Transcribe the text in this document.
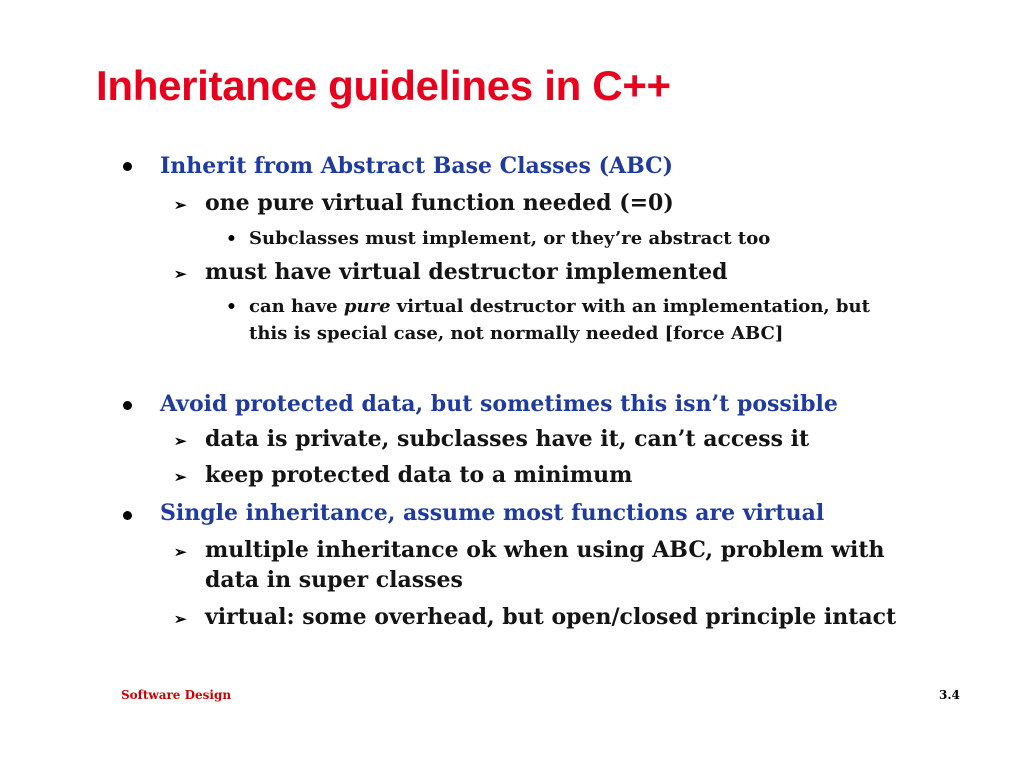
Inheritance guidelines in C++
Inherit from Abstract Base Classes (ABC)
➢ one pure virtual function needed (=0)
• Subclasses must implement, or they’re abstract too
➢ must have virtual destructor implemented
• can have pure virtual destructor with an implementation, but
this is special case, not normally needed [force ABC]
Avoid protected data, but sometimes this isn’t possible
➢ data is private, subclasses have it, can’t access it
➢ keep protected data to a minimum
Single inheritance, assume most functions are virtual
➢ multiple inheritance ok when using ABC, problem with
data in super classes
➢ virtual: some overhead, but open/closed principle intact
Software Design	3.4
